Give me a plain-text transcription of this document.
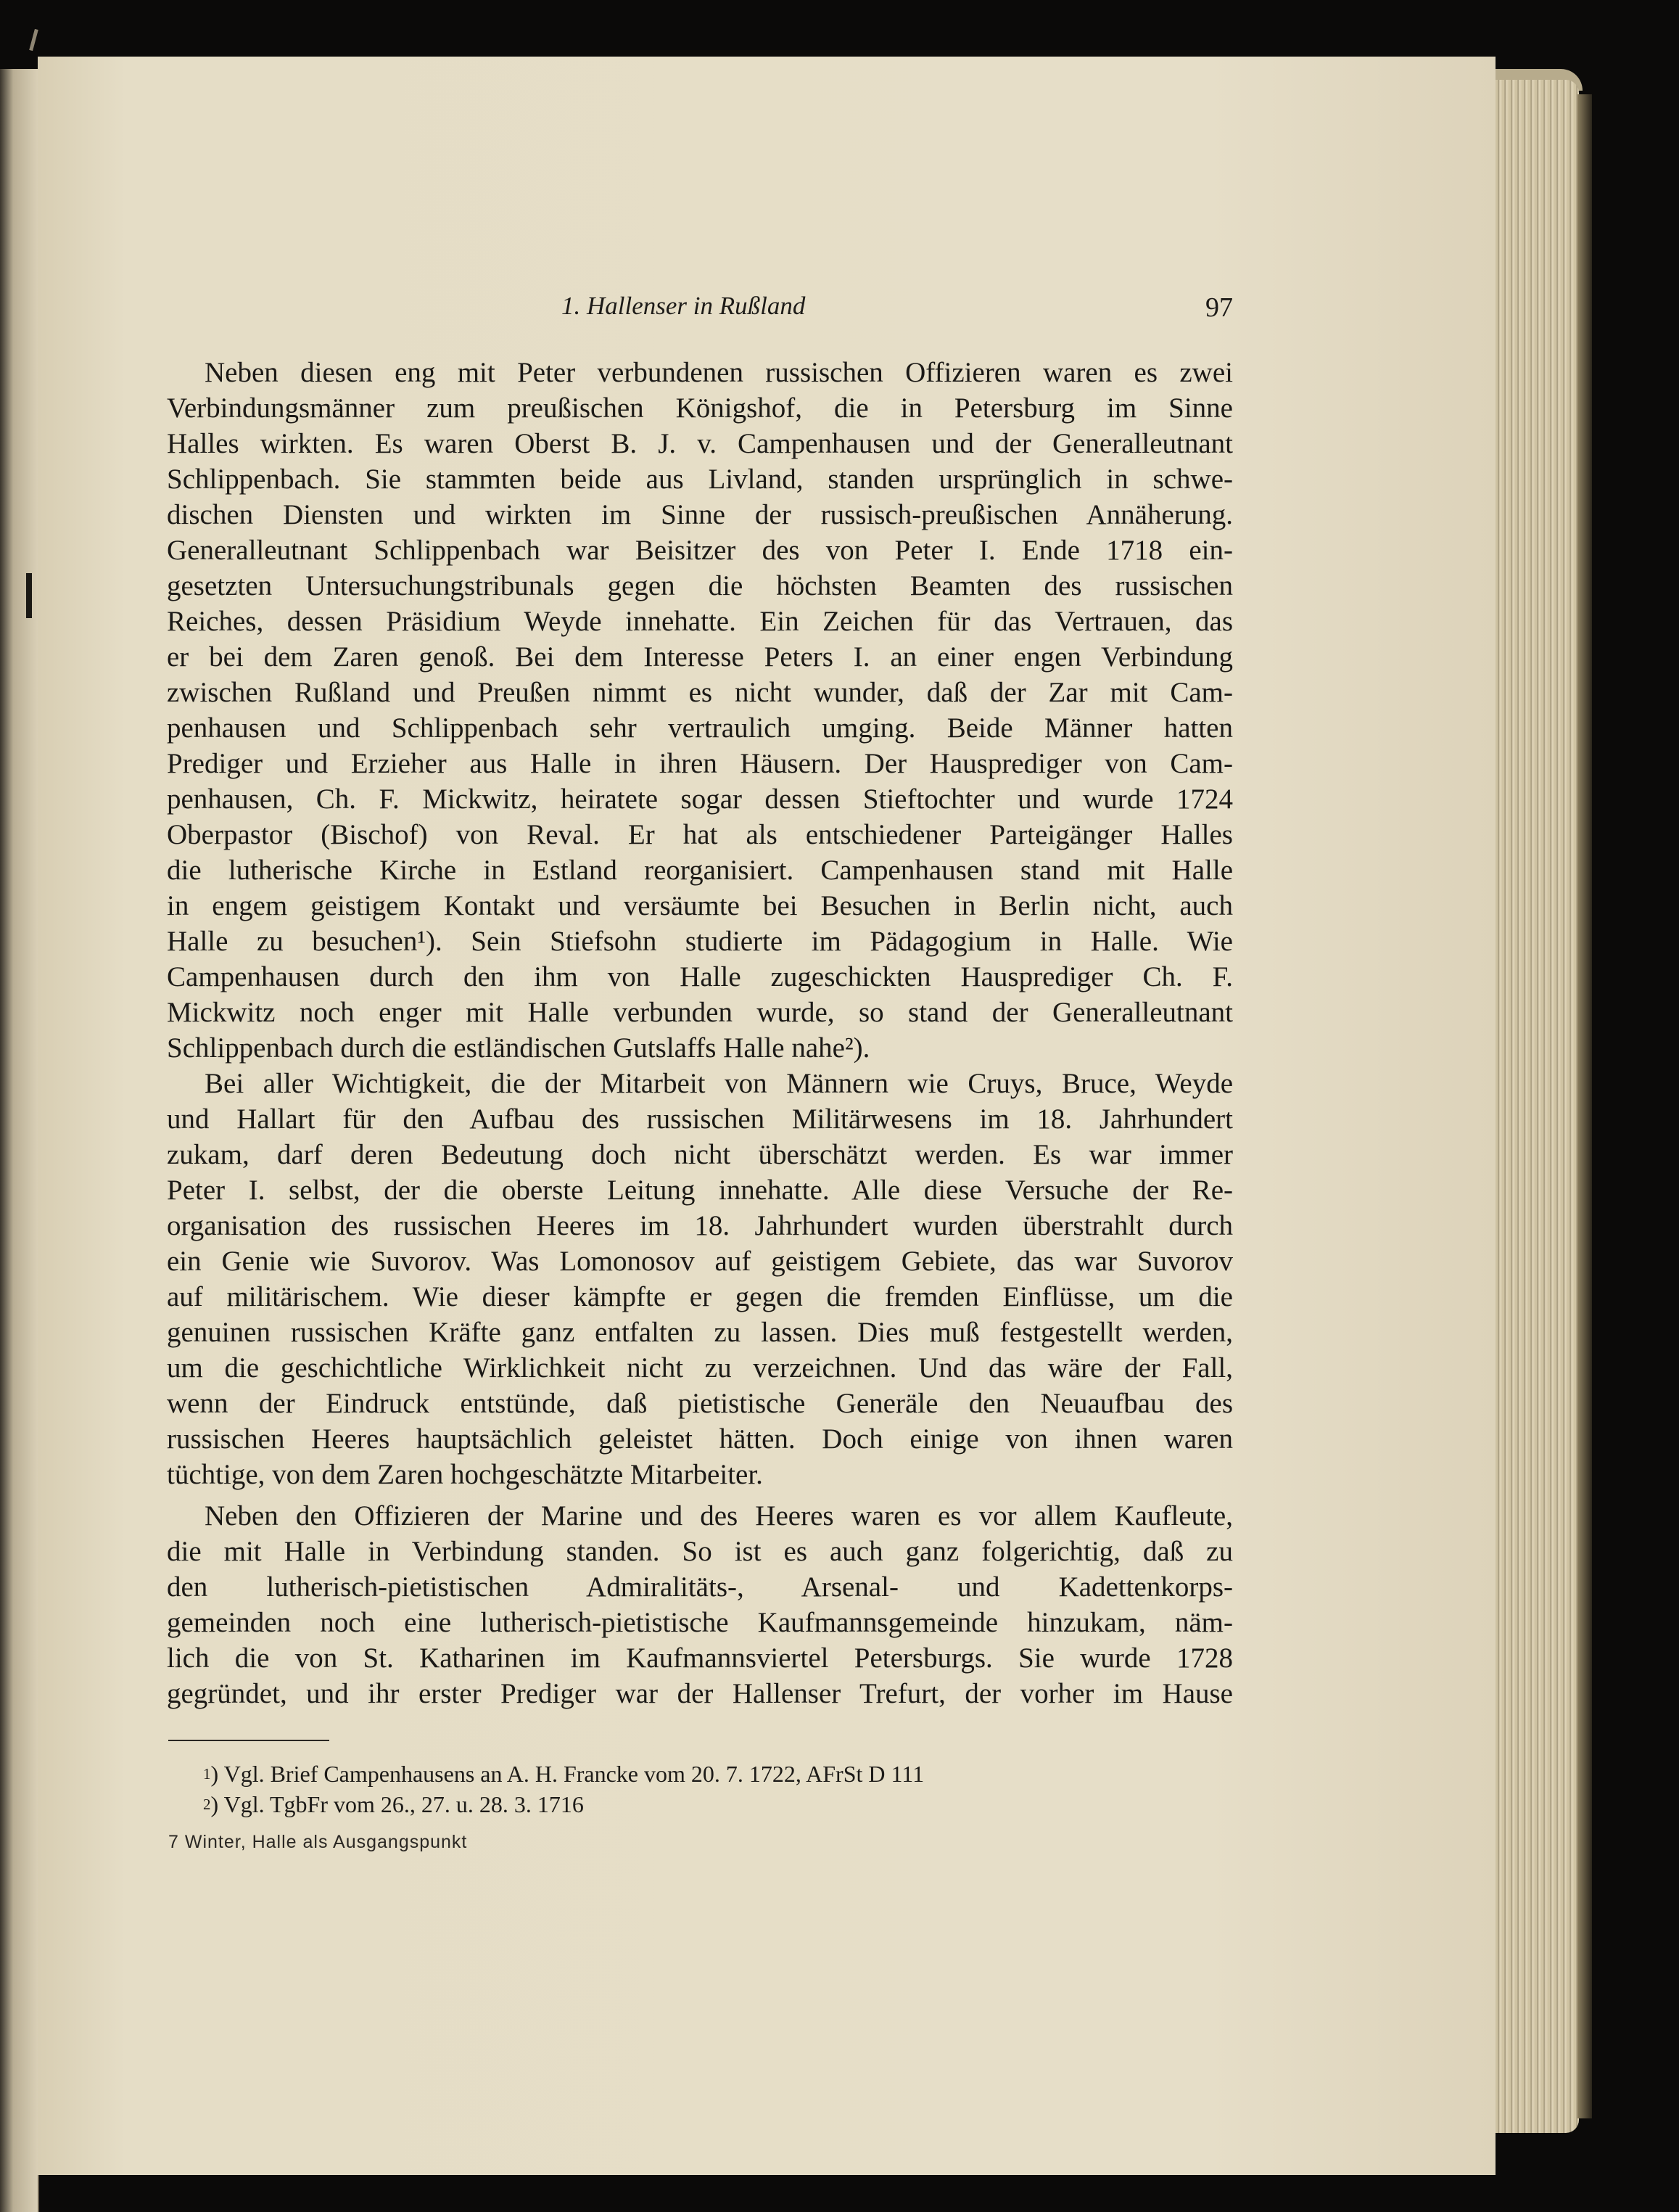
1. Hallenser in Rußland	97
Neben diesen eng mit Peter verbundenen russischen Offizieren waren es zwei
Verbindungsmänner zum preußischen Königshof, die in Petersburg im Sinne
Halles wirkten. Es waren Oberst B. J. v. Campenhausen und der Generalleutnant
Schlippenbach. Sie stammten beide aus Livland, standen ursprünglich in schwe-
dischen Diensten und wirkten im Sinne der russisch-preußischen Annäherung.
Generalleutnant Schlippenbach war Beisitzer des von Peter I. Ende 1718 ein-
gesetzten Untersuchungstribunals gegen die höchsten Beamten des russischen
Reiches, dessen Präsidium Weyde innehatte. Ein Zeichen für das Vertrauen, das
er bei dem Zaren genoß. Bei dem Interesse Peters I. an einer engen Verbindung
zwischen Rußland und Preußen nimmt es nicht wunder, daß der Zar mit Cam-
penhausen und Schlippenbach sehr vertraulich umging. Beide Männer hatten
Prediger und Erzieher aus Halle in ihren Häusern. Der Hausprediger von Cam-
penhausen, Ch. F. Mickwitz, heiratete sogar dessen Stieftochter und wurde 1724
Oberpastor (Bischof) von Reval. Er hat als entschiedener Parteigänger Halles
die lutherische Kirche in Estland reorganisiert. Campenhausen stand mit Halle
in engem geistigem Kontakt und versäumte bei Besuchen in Berlin nicht, auch
Halle zu besuchen¹). Sein Stiefsohn studierte im Pädagogium in Halle. Wie
Campenhausen durch den ihm von Halle zugeschickten Hausprediger Ch. F.
Mickwitz noch enger mit Halle verbunden wurde, so stand der Generalleutnant
Schlippenbach durch die estländischen Gutslaffs Halle nahe²).
Bei aller Wichtigkeit, die der Mitarbeit von Männern wie Cruys, Bruce, Weyde
und Hallart für den Aufbau des russischen Militärwesens im 18. Jahrhundert
zukam, darf deren Bedeutung doch nicht überschätzt werden. Es war immer
Peter I. selbst, der die oberste Leitung innehatte. Alle diese Versuche der Re-
organisation des russischen Heeres im 18. Jahrhundert wurden überstrahlt durch
ein Genie wie Suvorov. Was Lomonosov auf geistigem Gebiete, das war Suvorov
auf militärischem. Wie dieser kämpfte er gegen die fremden Einflüsse, um die
genuinen russischen Kräfte ganz entfalten zu lassen. Dies muß festgestellt werden,
um die geschichtliche Wirklichkeit nicht zu verzeichnen. Und das wäre der Fall,
wenn der Eindruck entstünde, daß pietistische Generäle den Neuaufbau des
russischen Heeres hauptsächlich geleistet hätten. Doch einige von ihnen waren
tüchtige, von dem Zaren hochgeschätzte Mitarbeiter.
Neben den Offizieren der Marine und des Heeres waren es vor allem Kaufleute,
die mit Halle in Verbindung standen. So ist es auch ganz folgerichtig, daß zu
den lutherisch-pietistischen Admiralitäts-, Arsenal- und Kadettenkorps-
gemeinden noch eine lutherisch-pietistische Kaufmannsgemeinde hinzukam, näm-
lich die von St. Katharinen im Kaufmannsviertel Petersburgs. Sie wurde 1728
gegründet, und ihr erster Prediger war der Hallenser Trefurt, der vorher im Hause
$^1$) Vgl. Brief Campenhausens an A. H. Francke vom 20. 7. 1722, AFrSt D 111
$^2$) Vgl. TgbFr vom 26., 27. u. 28. 3. 1716
7 Winter, Halle als Ausgangspunkt
